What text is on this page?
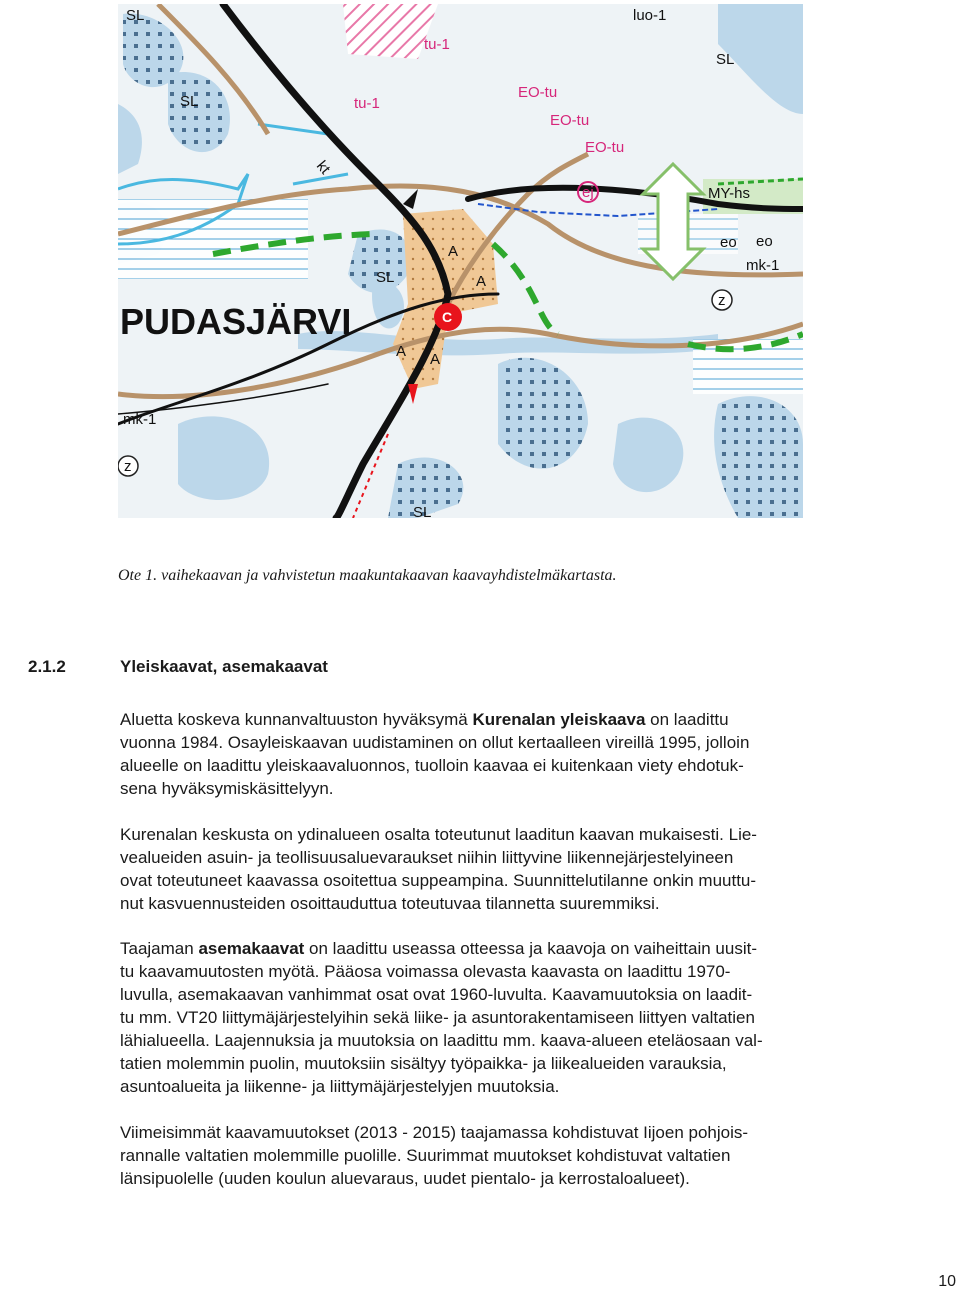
SL
SL
SL
SL
SL
luo-1
MY-hs
eo
mk-1
eo
mk-1
z
z
kt
tu-1
tu-1
EO-tu
EO-tu
EO-tu
ej
A
A
A A
C
PUDASJÄRVI
Ote 1. vaihekaavan ja vahvistetun maakuntakaavan kaavayhdistelmäkartasta.
2.1.2	Yleiskaavat, asemakaavat
Aluetta koskeva kunnanvaltuuston hyväksymä Kurenalan yleiskaava on laadittu
vuonna 1984. Osayleiskaavan uudistaminen on ollut kertaalleen vireillä 1995, jolloin
alueelle on laadittu yleiskaavaluonnos, tuolloin kaavaa ei kuitenkaan viety ehdotuk-
sena hyväksymiskäsittelyyn.
Kurenalan keskusta on ydinalueen osalta toteutunut laaditun kaavan mukaisesti. Lie-
vealueiden asuin- ja teollisuusaluevaraukset niihin liittyvine liikennejärjestelyineen
ovat toteutuneet kaavassa osoitettua suppeampina. Suunnittelutilanne onkin muuttu-
nut kasvuennusteiden osoittauduttua toteutuvaa tilannetta suuremmiksi.
Taajaman asemakaavat on laadittu useassa otteessa ja kaavoja on vaiheittain uusit-
tu kaavamuutosten myötä. Pääosa voimassa olevasta kaavasta on laadittu 1970-
luvulla, asemakaavan vanhimmat osat ovat 1960-luvulta. Kaavamuutoksia on laadit-
tu mm. VT20 liittymäjärjestelyihin sekä liike- ja asuntorakentamiseen liittyen valtatien
lähialueella. Laajennuksia ja muutoksia on laadittu mm. kaava-alueen eteläosaan val-
tatien molemmin puolin, muutoksiin sisältyy työpaikka- ja liikealueiden varauksia,
asuntoalueita ja liikenne- ja liittymäjärjestelyjen muutoksia.
Viimeisimmät kaavamuutokset (2013 - 2015) taajamassa kohdistuvat Iijoen pohjois-
rannalle valtatien molemmille puolille. Suurimmat muutokset kohdistuvat valtatien
länsipuolelle (uuden koulun aluevaraus, uudet pientalo- ja kerrostaloalueet).
10
